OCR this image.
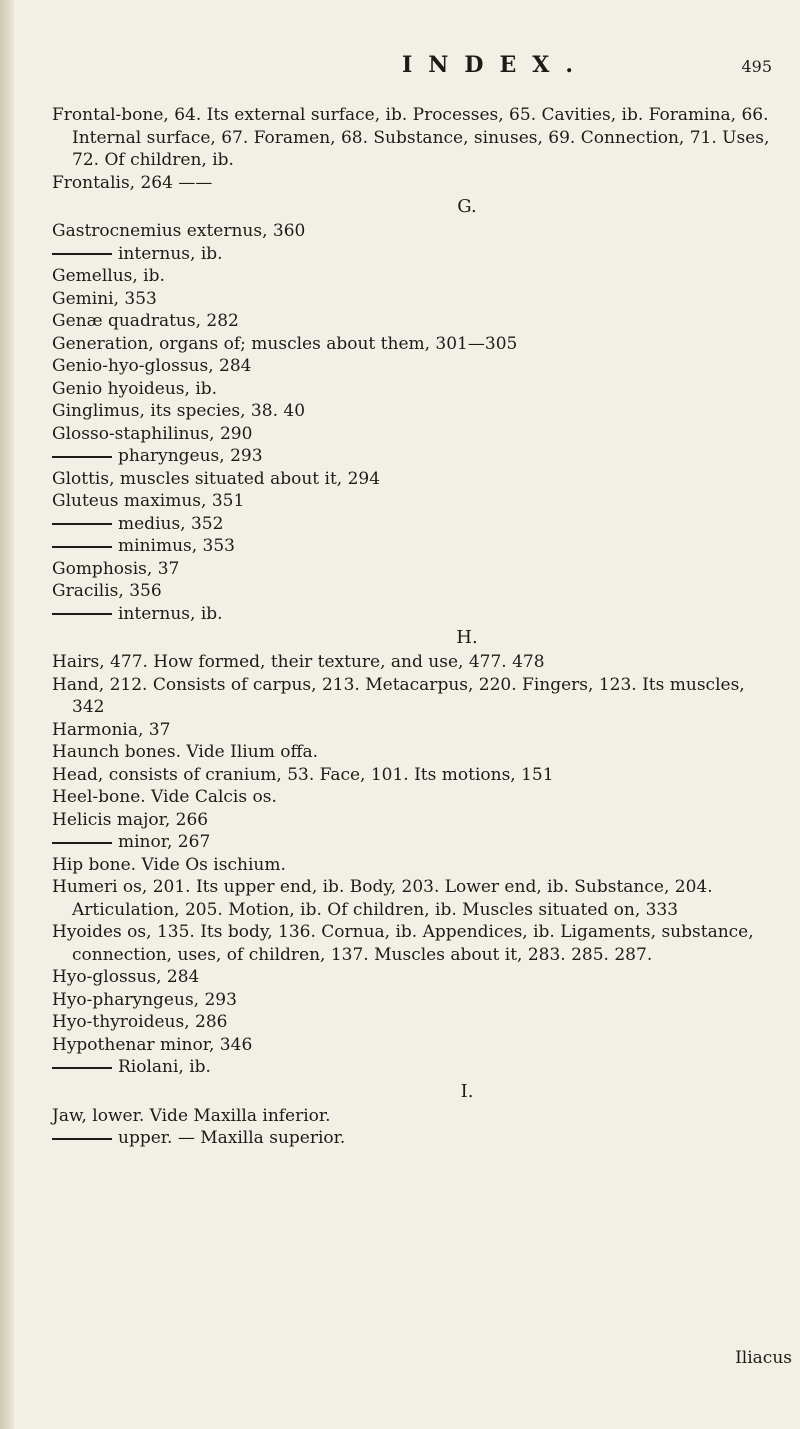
INDEX.	495

Frontal-bone, 64. Its external surface, ib. Processes, 65. Cavities, ib. Foramina, 66. Internal surface, 67. Foramen, 68. Substance, sinuses, 69. Connection, 71. Uses, 72. Of children, ib.

Frontalis, 264 ——

G.

Gastrocnemius externus, 360

internus, ib.

Gemellus, ib.

Gemini, 353

Genæ quadratus, 282

Generation, organs of; muscles about them, 301—305

Genio-hyo-glossus, 284

Genio hyoideus, ib.

Ginglimus, its species, 38. 40

Glosso-staphilinus, 290

pharyngeus, 293

Glottis, muscles situated about it, 294

Gluteus maximus, 351

medius, 352

minimus, 353

Gomphosis, 37

Gracilis, 356

internus, ib.

H.

Hairs, 477. How formed, their texture, and use, 477. 478

Hand, 212. Consists of carpus, 213. Metacarpus, 220. Fingers, 123. Its muscles, 342

Harmonia, 37

Haunch bones. Vide Ilium offa.

Head, consists of cranium, 53. Face, 101. Its motions, 151

Heel-bone. Vide Calcis os.

Helicis major, 266

minor, 267

Hip bone. Vide Os ischium.

Humeri os, 201. Its upper end, ib. Body, 203. Lower end, ib. Substance, 204. Articulation, 205. Motion, ib. Of children, ib. Muscles situated on, 333

Hyoides os, 135. Its body, 136. Cornua, ib. Appendices, ib. Ligaments, substance, connection, uses, of children, 137. Muscles about it, 283. 285. 287.

Hyo-glossus, 284

Hyo-pharyngeus, 293

Hyo-thyroideus, 286

Hypothenar minor, 346

Riolani, ib.

I.

Jaw, lower. Vide Maxilla inferior.

upper. — Maxilla superior.

Iliacus
